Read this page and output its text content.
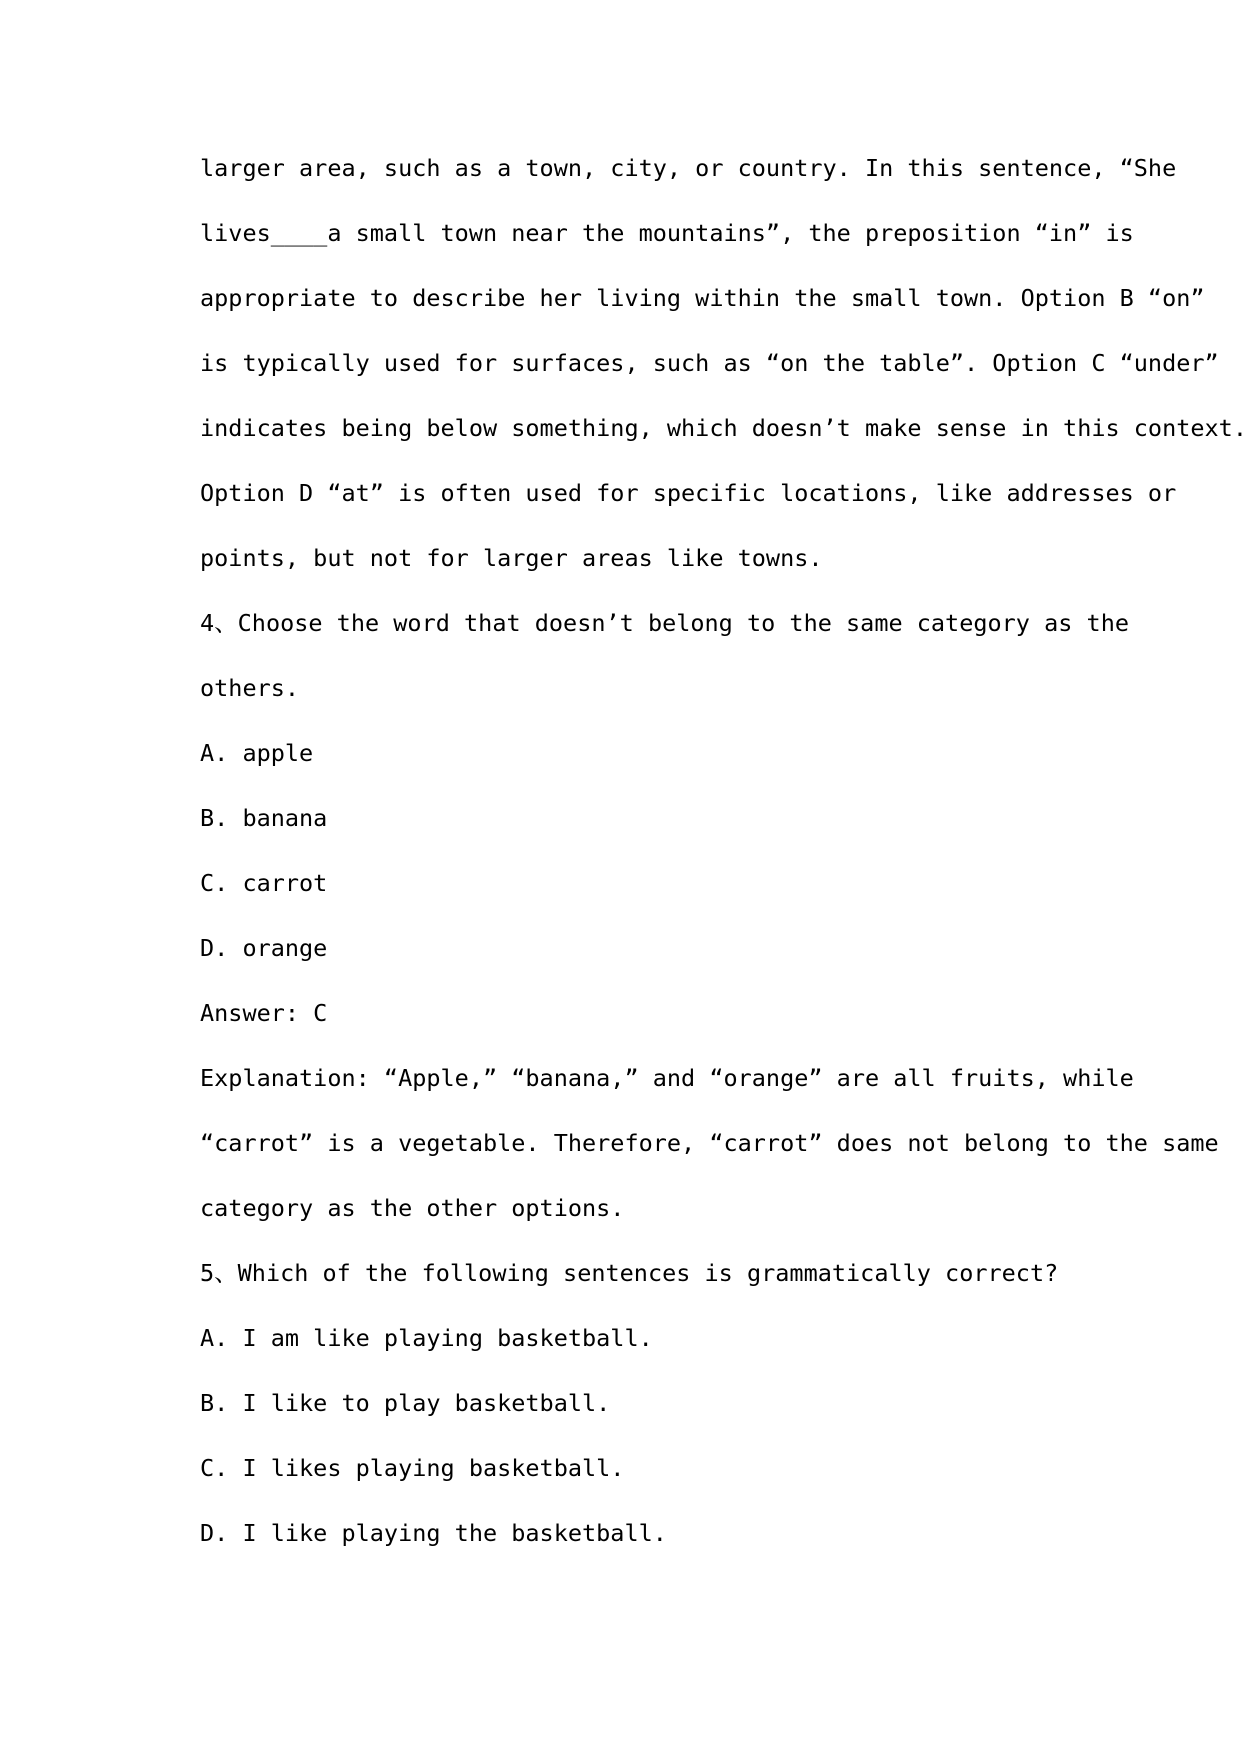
larger area, such as a town, city, or country. In this sentence, “She
lives____a small town near the mountains”, the preposition “in” is
appropriate to describe her living within the small town. Option B “on”
is typically used for surfaces, such as “on the table”. Option C “under”
indicates being below something, which doesn’t make sense in this context.
Option D “at” is often used for specific locations, like addresses or
points, but not for larger areas like towns.
4、Choose the word that doesn’t belong to the same category as the
others.
A. apple
B. banana
C. carrot
D. orange
Answer: C
Explanation: “Apple,” “banana,” and “orange” are all fruits, while
“carrot” is a vegetable. Therefore, “carrot” does not belong to the same
category as the other options.
5、Which of the following sentences is grammatically correct?
A. I am like playing basketball.
B. I like to play basketball.
C. I likes playing basketball.
D. I like playing the basketball.
